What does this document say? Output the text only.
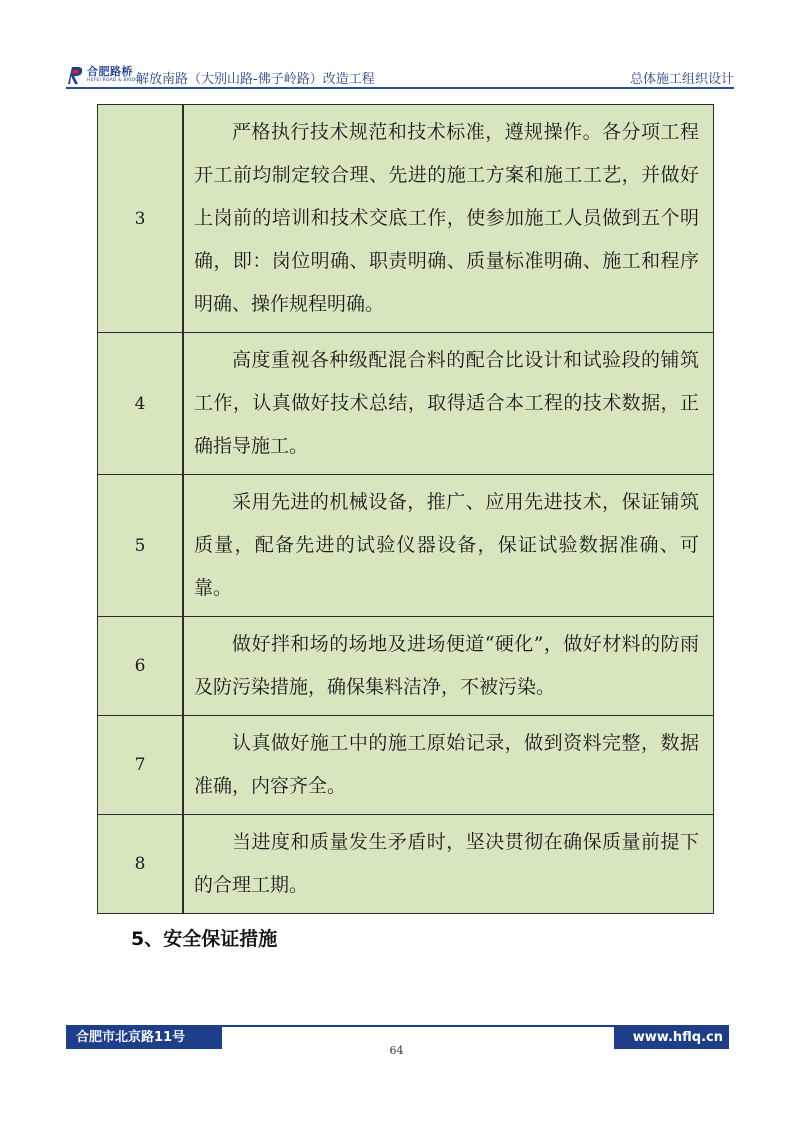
合肥路桥
HEFEI ROAD & BRIDGE
解放南路（大别山路-佛子岭路）改造工程	总体施工组织设计
3	严格执行技术规范和技术标准，遵规操作。各分项工程开工前均制定较合理、先进的施工方案和施工工艺，并做好上岗前的培训和技术交底工作，使参加施工人员做到五个明确，即：岗位明确、职责明确、质量标准明确、施工和程序明确、操作规程明确。

4	高度重视各种级配混合料的配合比设计和试验段的铺筑工作，认真做好技术总结，取得适合本工程的技术数据，正确指导施工。

5	采用先进的机械设备，推广、应用先进技术，保证铺筑质量，配备先进的试验仪器设备，保证试验数据准确、可靠。

6	做好拌和场的场地及进场便道“硬化”，做好材料的防雨及防污染措施，确保集料洁净，不被污染。

7	认真做好施工中的施工原始记录，做到资料完整，数据准确，内容齐全。

8	当进度和质量发生矛盾时，坚决贯彻在确保质量前提下的合理工期。
5、安全保证措施
合肥市北京路11号	www.hflq.cn
64
